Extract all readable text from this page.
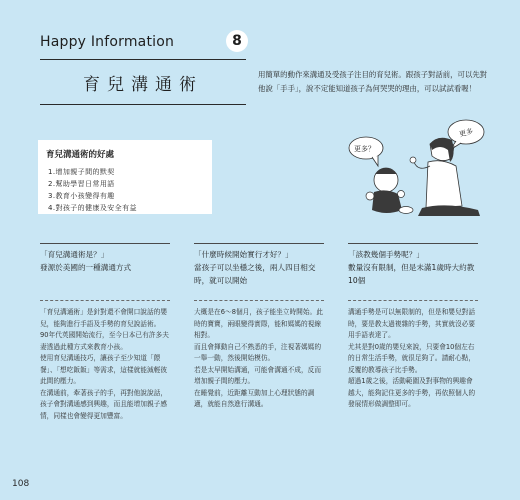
Happy Information	8
育兒溝通術
用簡單的動作來溝通及受孩子注目的育兒術。跟孩子對話前，可以先對他說「手手」，說不定能知道孩子為何哭哭的理由，可以試試看喔！
育兒溝通術的好處
1.增加親子間的默契
2.幫助學習日常用語
3.教育小孩變得有趣
4.對孩子的健康及安全有益
更多
更多？
「育兒溝通術是？」
發源於美國的一種溝通方式

「育兒溝通術」是針對還不會開口說話的嬰兒，能夠進行手語及手勢的育兒說話術。

90年代英國開始流行，至今日本已有許多夫妻透過此種方式來教育小孩。

使用育兒溝通技巧，讓孩子至少知道「餵餐」、「想吃飯飯」等需求，這樣就能減輕彼此間的壓力。

在溝通前，牽著孩子的手，再對他說說話，孩子會對溝通感到興趣，而且能增加親子感情，同樣也會變得更加豐富。

「什麼時候開始實行才好？」
當孩子可以坐穩之後，兩人四目相交時，就可以開始

大概是在6～8個月，孩子能坐立時開始。此時的寶寶，兩眼變得實際，能和媽媽的視線相對。

而且會揮動自己不熟悉的手，注視著媽媽的一舉一動，然後開始模仿。

若是太早開始溝通，可能會溝通不成，反而增加親子間的壓力。

在睡覺前，近距離互動加上心理狀態的調適，就能自然進行溝通。

「該教幾個手勢呢？」
數量沒有限制，但是未滿1歲時大約教10個

溝通手勢是可以無限制的，但是和嬰兒對話時，要是教太過複雜的手勢，其實就沒必要用手語表達了。

尤其是對0歲的嬰兒來說，只要會10個左右的日常生活手勢，就很足夠了。請耐心點，反覆的教導孩子比手勢。

超過1歲之後，活動範圍及對事物的興趣會越大，能夠記住更多的手勢，再依照個人的發展情形做調整即可。

108
